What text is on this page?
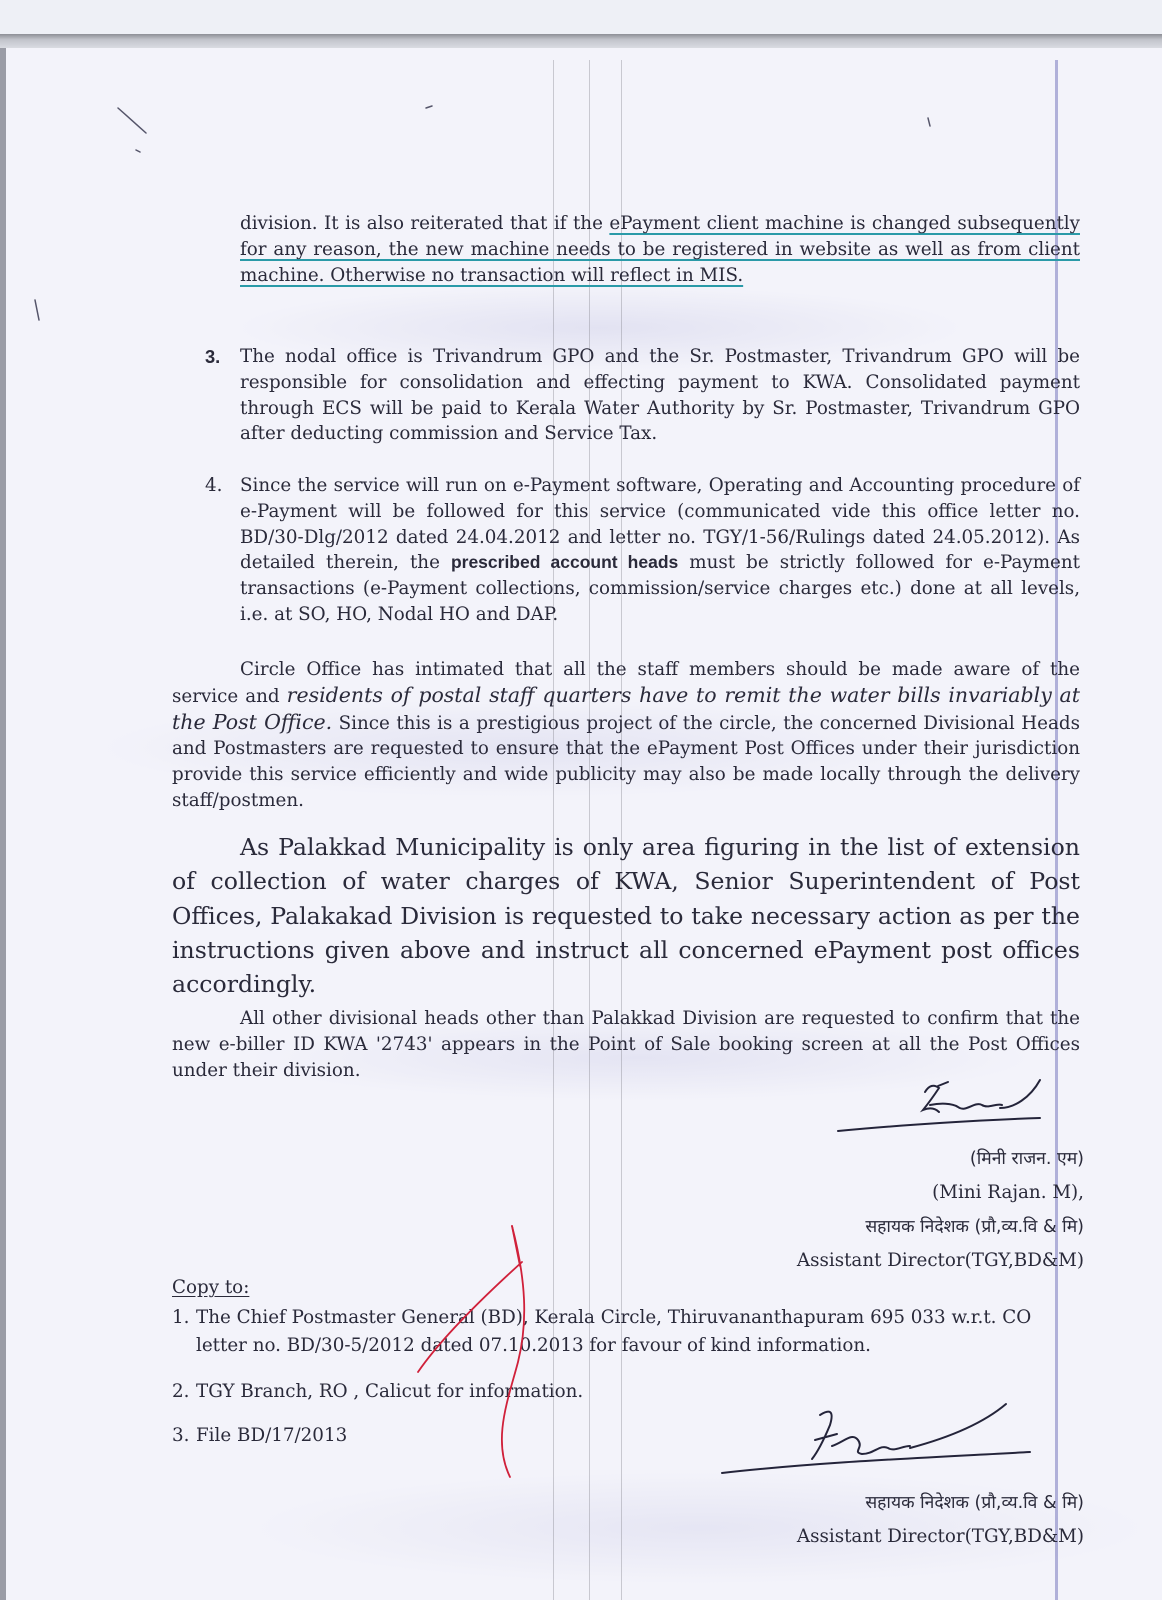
division. It is also reiterated that if the ePayment client machine is changed subsequently for any reason, the new machine needs to be registered in website as well as from client machine. Otherwise no transaction will reflect in MIS.

3. The nodal office is Trivandrum GPO and the Sr. Postmaster, Trivandrum GPO will be responsible for consolidation and effecting payment to KWA. Consolidated payment through ECS will be paid to Kerala Water Authority by Sr. Postmaster, Trivandrum GPO after deducting commission and Service Tax.

4. Since the service will run on e-Payment software, Operating and Accounting procedure of e-Payment will be followed for this service (communicated vide this office letter no. BD/30-Dlg/2012 dated 24.04.2012 and letter no. TGY/1-56/Rulings dated 24.05.2012). As detailed therein, the prescribed account heads must be strictly followed for e-Payment transactions (e-Payment collections, commission/service charges etc.) done at all levels, i.e. at SO, HO, Nodal HO and DAP.

Circle Office has intimated that all the staff members should be made aware of the service and residents of postal staff quarters have to remit the water bills invariably at the Post Office. Since this is a prestigious project of the circle, the concerned Divisional Heads and Postmasters are requested to ensure that the ePayment Post Offices under their jurisdiction provide this service efficiently and wide publicity may also be made locally through the delivery staff/postmen.

As Palakkad Municipality is only area figuring in the list of extension of collection of water charges of KWA, Senior Superintendent of Post Offices, Palakakad Division is requested to take necessary action as per the instructions given above and instruct all concerned ePayment post offices accordingly.

All other divisional heads other than Palakkad Division are requested to confirm that the new e-biller ID KWA '2743' appears in the Point of Sale booking screen at all the Post Offices under their division.

(मिनी राजन. एम)
(Mini Rajan. M),
सहायक निदेशक (प्रौ,व्य.वि & मि)
Assistant Director(TGY,BD&M)
Copy to:
1. The Chief Postmaster General (BD), Kerala Circle, Thiruvananthapuram 695 033 w.r.t. CO letter no. BD/30-5/2012 dated 07.10.2013 for favour of kind information.
2. TGY Branch, RO , Calicut for information.
3. File BD/17/2013
सहायक निदेशक (प्रौ,व्य.वि & मि)
Assistant Director(TGY,BD&M)
